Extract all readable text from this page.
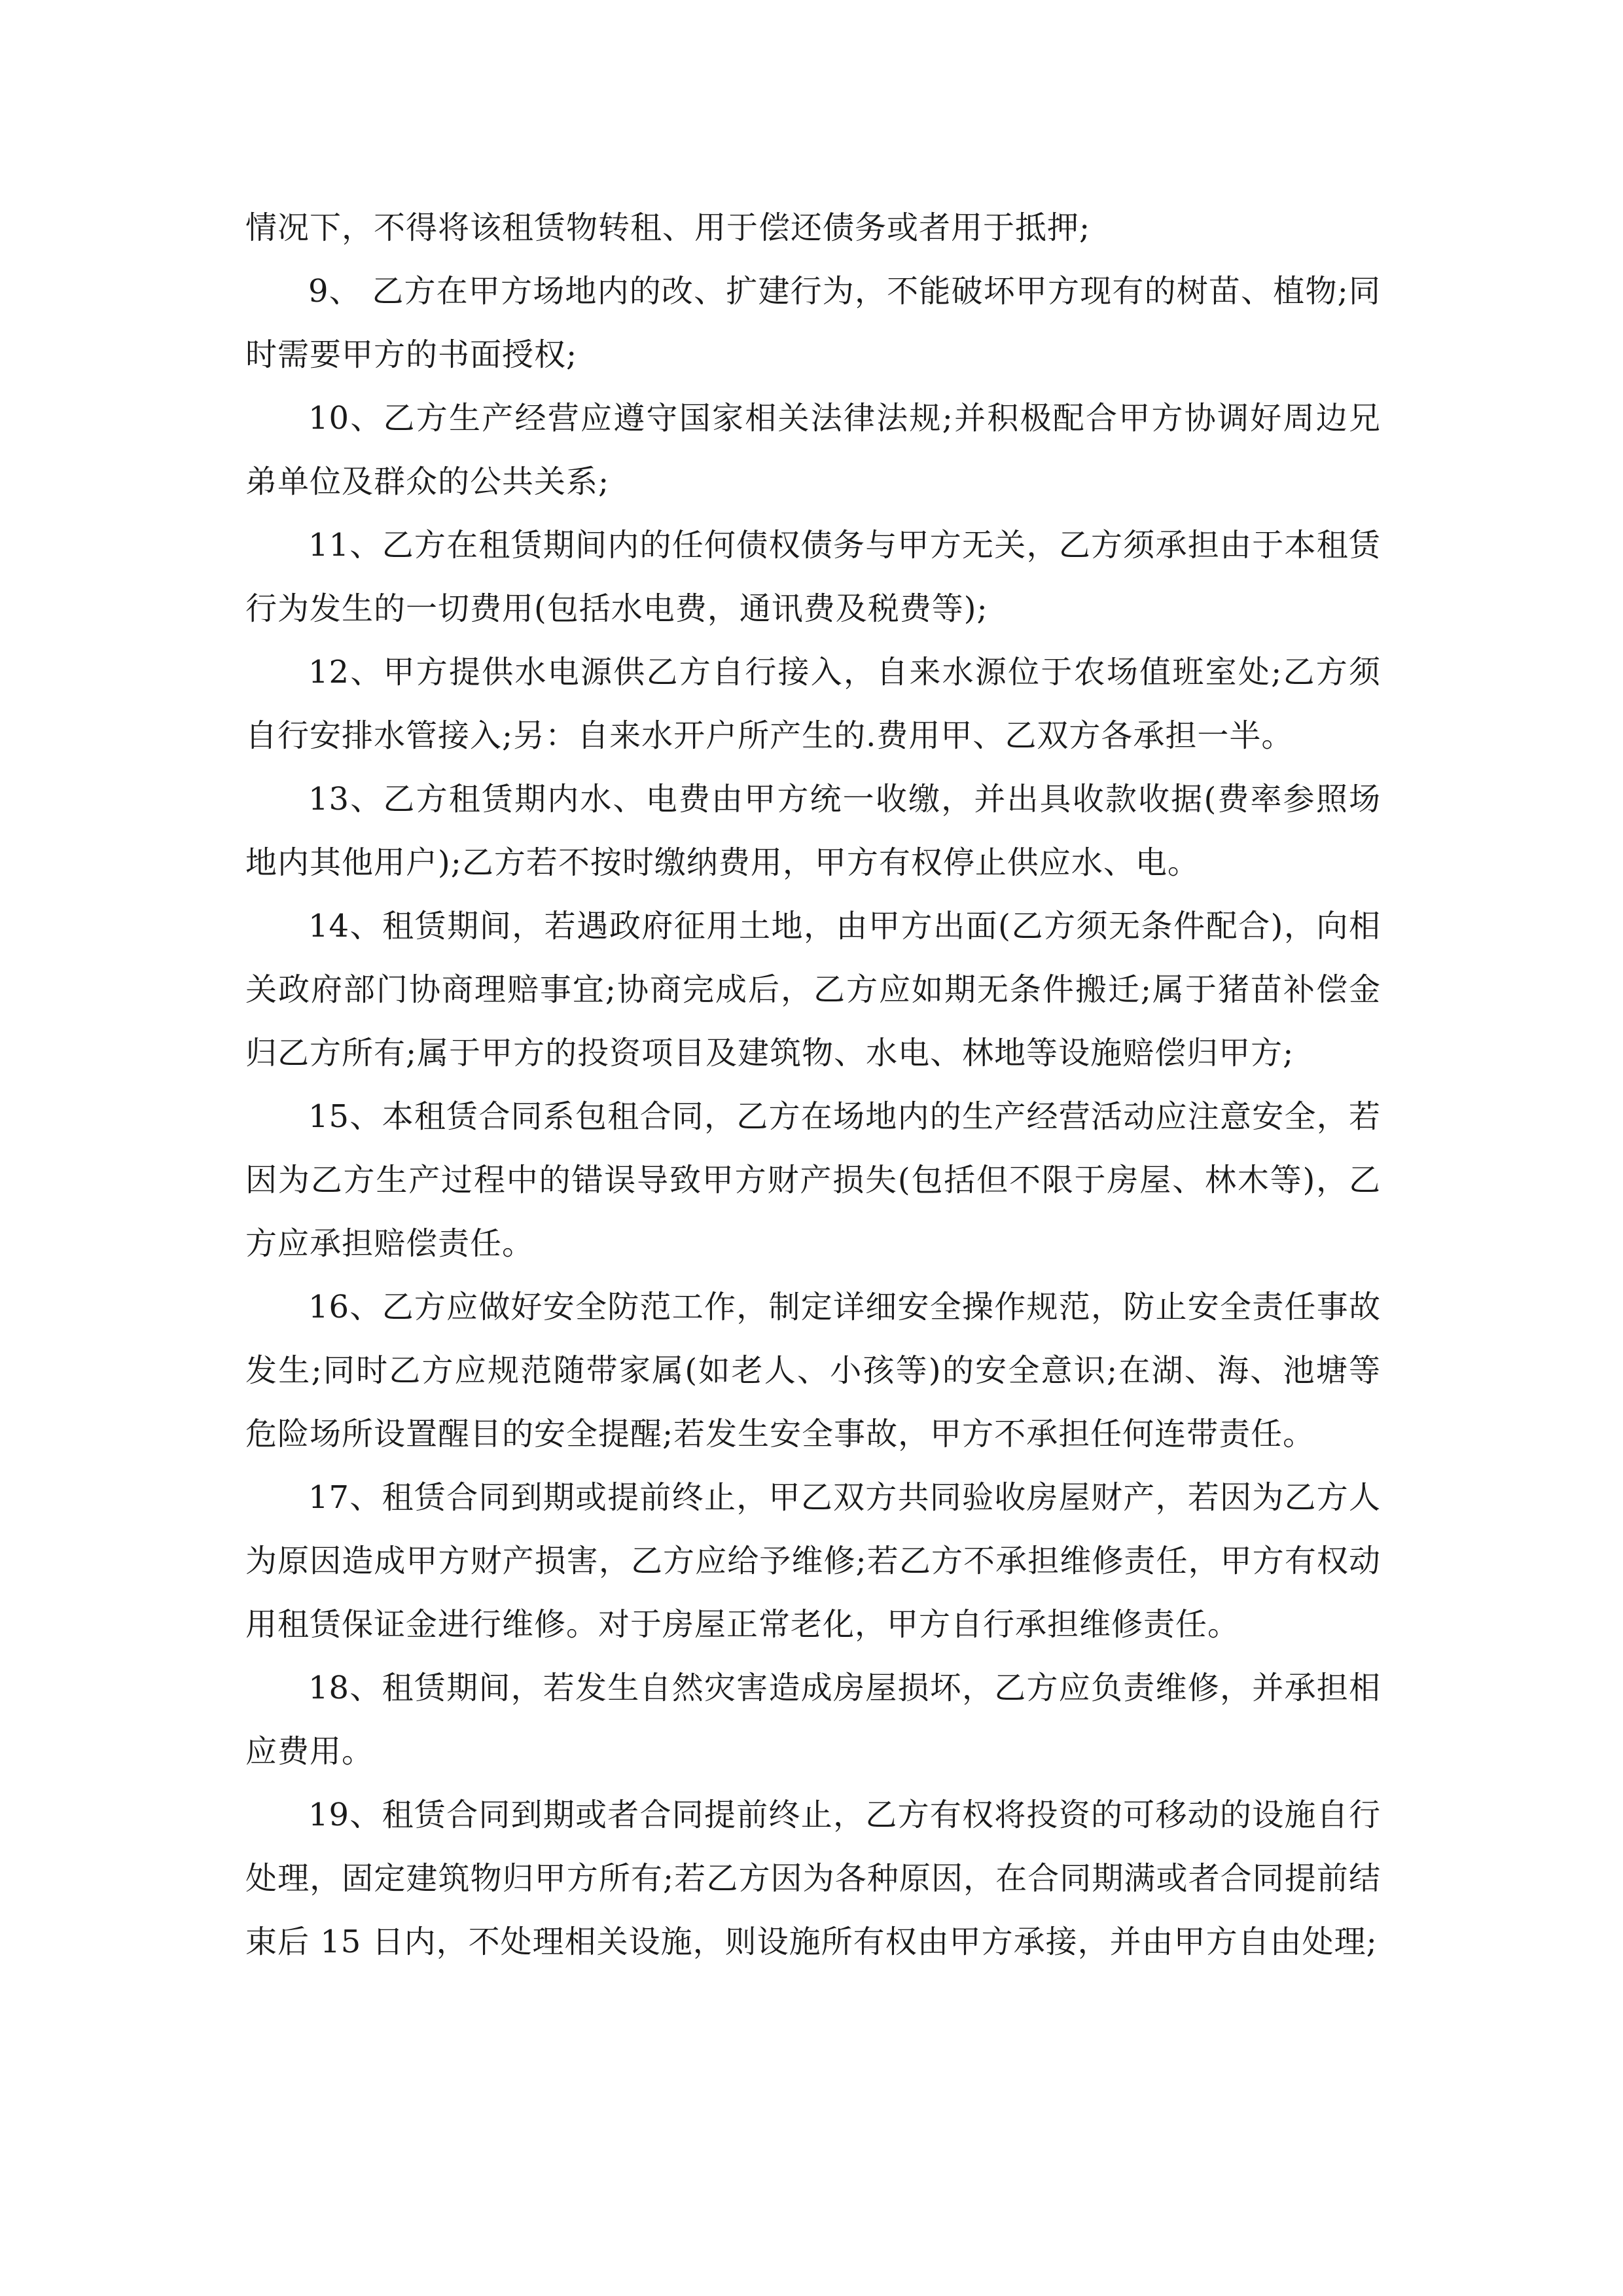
情况下，不得将该租赁物转租、用于偿还债务或者用于抵押;

9、 乙方在甲方场地内的改、扩建行为，不能破坏甲方现有的树苗、植物;同时需要甲方的书面授权;

10、乙方生产经营应遵守国家相关法律法规;并积极配合甲方协调好周边兄弟单位及群众的公共关系;

11、乙方在租赁期间内的任何债权债务与甲方无关，乙方须承担由于本租赁行为发生的一切费用(包括水电费，通讯费及税费等);

12、甲方提供水电源供乙方自行接入，自来水源位于农场值班室处;乙方须自行安排水管接入;另：自来水开户所产生的.费用甲、乙双方各承担一半。

13、乙方租赁期内水、电费由甲方统一收缴，并出具收款收据(费率参照场地内其他用户);乙方若不按时缴纳费用，甲方有权停止供应水、电。

14、租赁期间，若遇政府征用土地，由甲方出面(乙方须无条件配合)，向相关政府部门协商理赔事宜;协商完成后，乙方应如期无条件搬迁;属于猪苗补偿金归乙方所有;属于甲方的投资项目及建筑物、水电、林地等设施赔偿归甲方;

15、本租赁合同系包租合同，乙方在场地内的生产经营活动应注意安全，若因为乙方生产过程中的错误导致甲方财产损失(包括但不限于房屋、林木等)，乙方应承担赔偿责任。

16、乙方应做好安全防范工作，制定详细安全操作规范，防止安全责任事故发生;同时乙方应规范随带家属(如老人、小孩等)的安全意识;在湖、海、池塘等危险场所设置醒目的安全提醒;若发生安全事故，甲方不承担任何连带责任。

17、租赁合同到期或提前终止，甲乙双方共同验收房屋财产，若因为乙方人为原因造成甲方财产损害，乙方应给予维修;若乙方不承担维修责任，甲方有权动用租赁保证金进行维修。对于房屋正常老化，甲方自行承担维修责任。

18、租赁期间，若发生自然灾害造成房屋损坏，乙方应负责维修，并承担相应费用。

19、租赁合同到期或者合同提前终止，乙方有权将投资的可移动的设施自行处理，固定建筑物归甲方所有;若乙方因为各种原因，在合同期满或者合同提前结束后 15 日内，不处理相关设施，则设施所有权由甲方承接，并由甲方自由处理;
